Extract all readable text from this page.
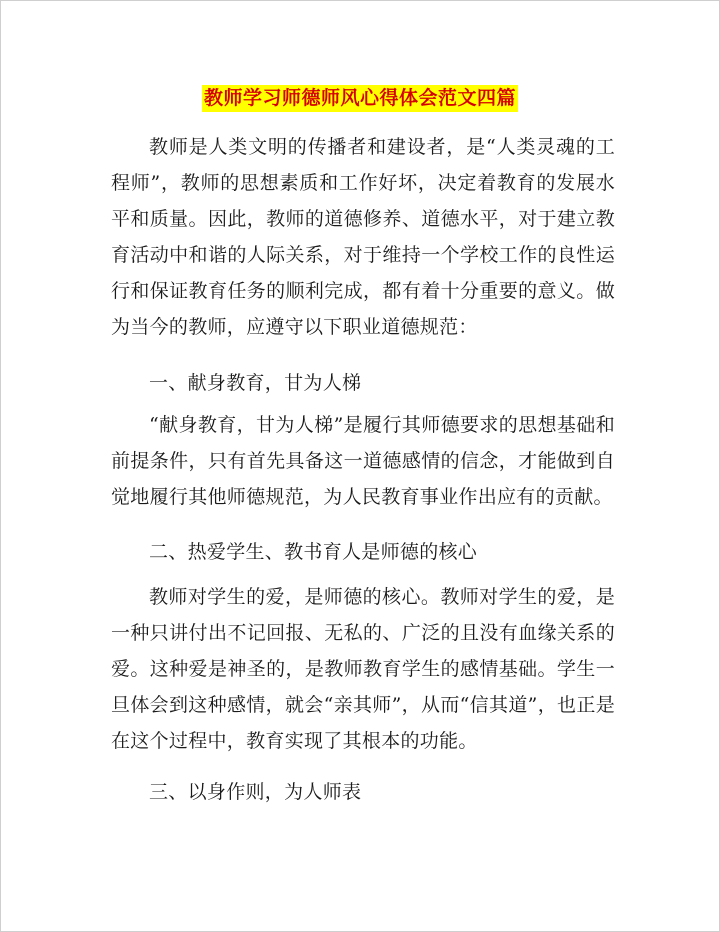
教师学习师德师风心得体会范文四篇

教师是人类文明的传播者和建设者，是“人类灵魂的工程师”，教师的思想素质和工作好坏，决定着教育的发展水平和质量。因此，教师的道德修养、道德水平，对于建立教育活动中和谐的人际关系，对于维持一个学校工作的良性运行和保证教育任务的顺利完成，都有着十分重要的意义。做为当今的教师，应遵守以下职业道德规范：

一、献身教育，甘为人梯

“献身教育，甘为人梯”是履行其师德要求的思想基础和前提条件，只有首先具备这一道德感情的信念，才能做到自觉地履行其他师德规范，为人民教育事业作出应有的贡献。

二、热爱学生、教书育人是师德的核心

教师对学生的爱，是师德的核心。教师对学生的爱，是一种只讲付出不记回报、无私的、广泛的且没有血缘关系的爱。这种爱是神圣的，是教师教育学生的感情基础。学生一旦体会到这种感情，就会“亲其师”，从而“信其道”，也正是在这个过程中，教育实现了其根本的功能。

三、以身作则，为人师表
